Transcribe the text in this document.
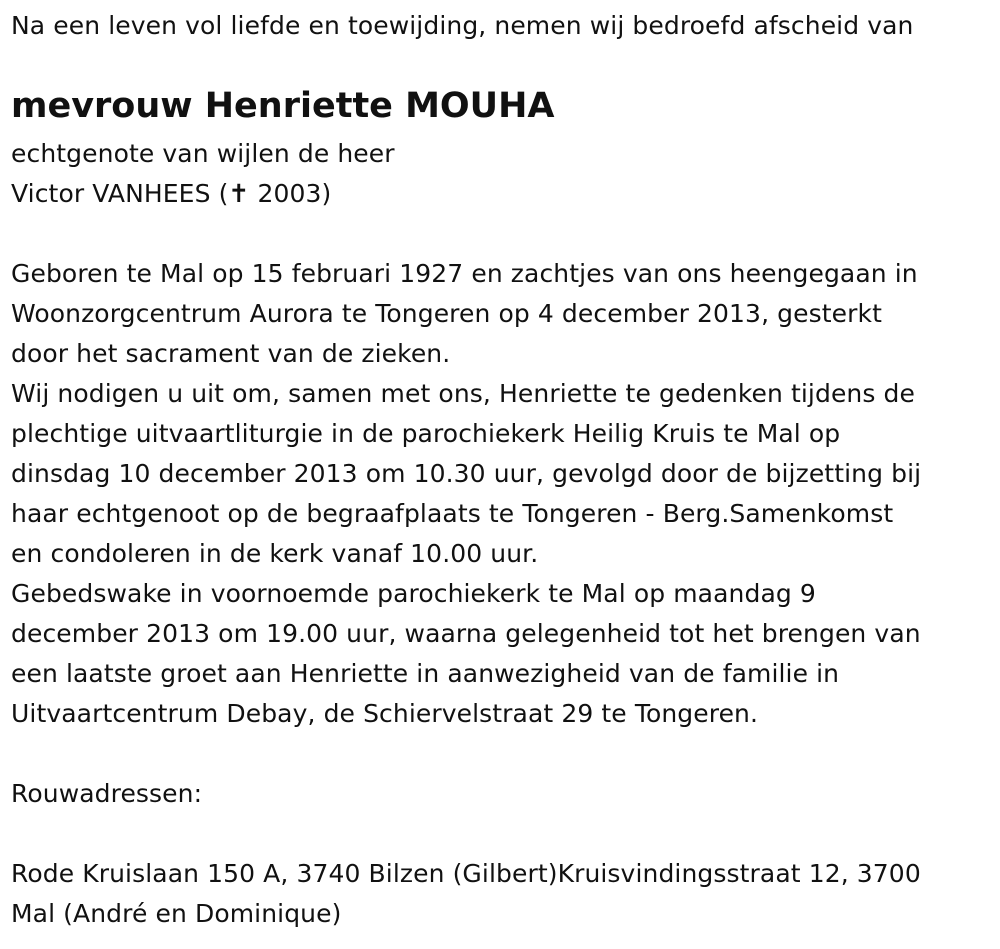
Na een leven vol liefde en toewijding, nemen wij bedroefd afscheid van
mevrouw Henriette MOUHA
echtgenote van wijlen de heer
Victor VANHEES (✝ 2003)
Geboren te Mal op 15 februari 1927 en zachtjes van ons heengegaan in
Woonzorgcentrum Aurora te Tongeren op 4 december 2013, gesterkt
door het sacrament van de zieken.
Wij nodigen u uit om, samen met ons, Henriette te gedenken tijdens de
plechtige uitvaartliturgie in de parochiekerk Heilig Kruis te Mal op
dinsdag 10 december 2013 om 10.30 uur, gevolgd door de bijzetting bij
haar echtgenoot op de begraafplaats te Tongeren - Berg.Samenkomst
en condoleren in de kerk vanaf 10.00 uur.
Gebedswake in voornoemde parochiekerk te Mal op maandag 9
december 2013 om 19.00 uur, waarna gelegenheid tot het brengen van
een laatste groet aan Henriette in aanwezigheid van de familie in
Uitvaartcentrum Debay, de Schiervelstraat 29 te Tongeren.
Rouwadressen:
Rode Kruislaan 150 A, 3740 Bilzen (Gilbert)Kruisvindingsstraat 12, 3700
Mal (André en Dominique)
